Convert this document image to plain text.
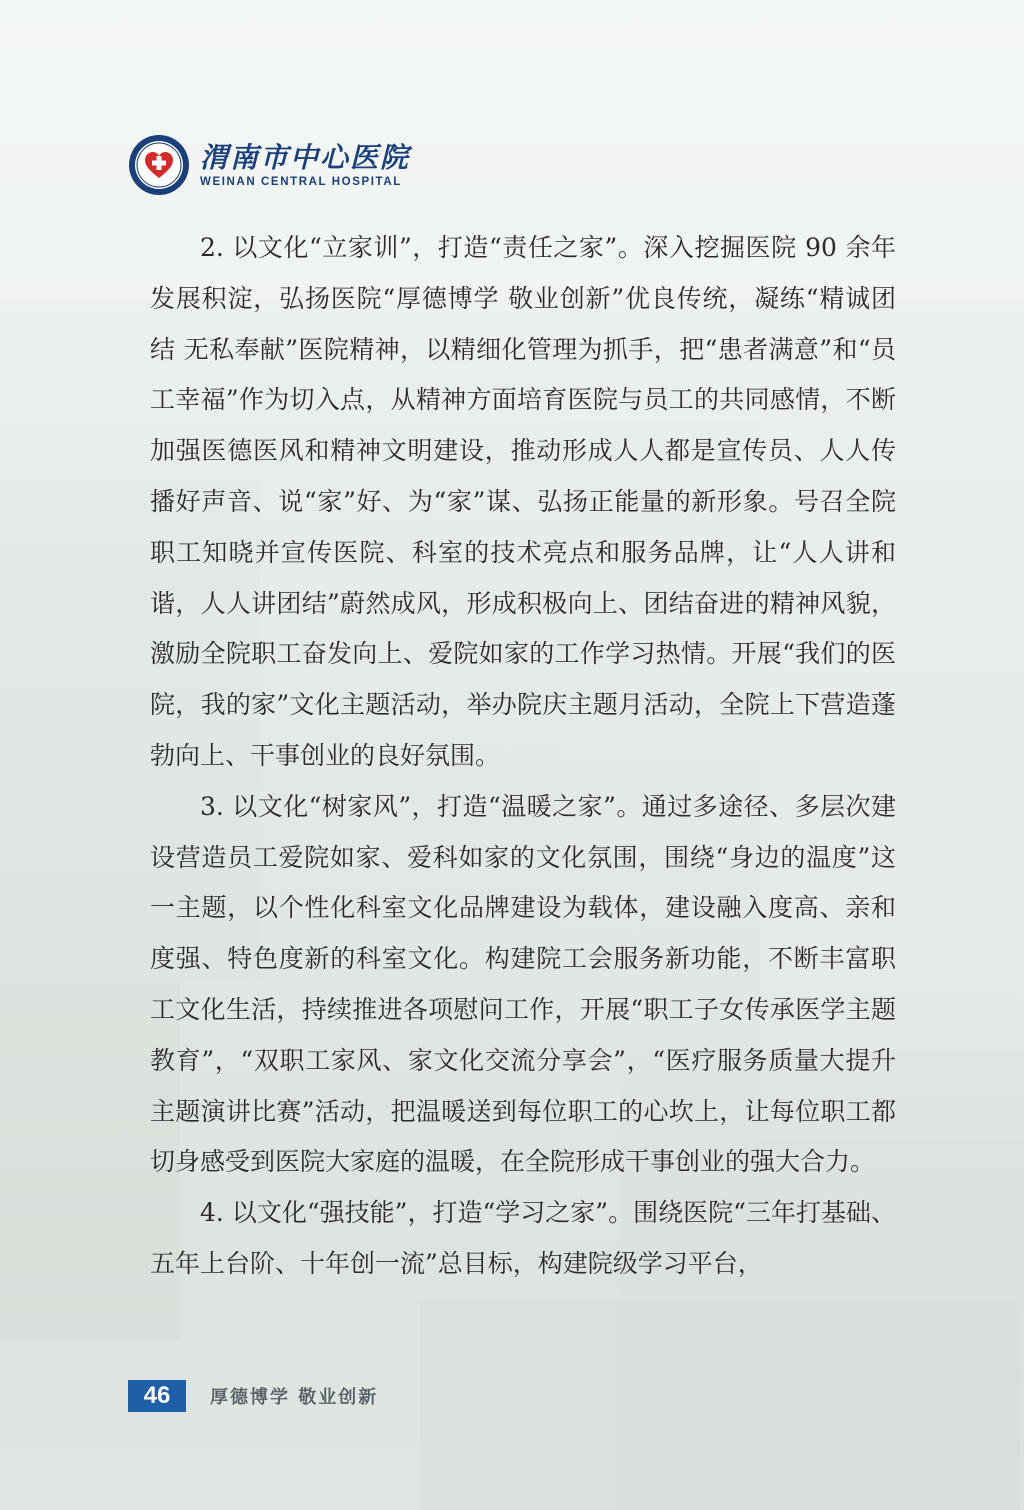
渭南市中心医院
WEINAN CENTRAL HOSPITAL

2. 以文化“立家训”，打造“责任之家”。深入挖掘医院 90 余年发展积淀，弘扬医院“厚德博学 敬业创新”优良传统，凝练“精诚团结 无私奉献”医院精神，以精细化管理为抓手，把“患者满意”和“员工幸福”作为切入点，从精神方面培育医院与员工的共同感情，不断加强医德医风和精神文明建设，推动形成人人都是宣传员、人人传播好声音、说“家”好、为“家”谋、弘扬正能量的新形象。号召全院职工知晓并宣传医院、科室的技术亮点和服务品牌，让“人人讲和谐，人人讲团结”蔚然成风，形成积极向上、团结奋进的精神风貌，激励全院职工奋发向上、爱院如家的工作学习热情。开展“我们的医院，我的家”文化主题活动，举办院庆主题月活动，全院上下营造蓬勃向上、干事创业的良好氛围。

3. 以文化“树家风”，打造“温暖之家”。通过多途径、多层次建设营造员工爱院如家、爱科如家的文化氛围，围绕“身边的温度”这一主题，以个性化科室文化品牌建设为载体，建设融入度高、亲和度强、特色度新的科室文化。构建院工会服务新功能，不断丰富职工文化生活，持续推进各项慰问工作，开展“职工子女传承医学主题教育”，“双职工家风、家文化交流分享会”，“医疗服务质量大提升主题演讲比赛”活动，把温暖送到每位职工的心坎上，让每位职工都切身感受到医院大家庭的温暖，在全院形成干事创业的强大合力。

4. 以文化“强技能”，打造“学习之家”。围绕医院“三年打基础、五年上台阶、十年创一流”总目标，构建院级学习平台，

46	厚德博学 敬业创新
